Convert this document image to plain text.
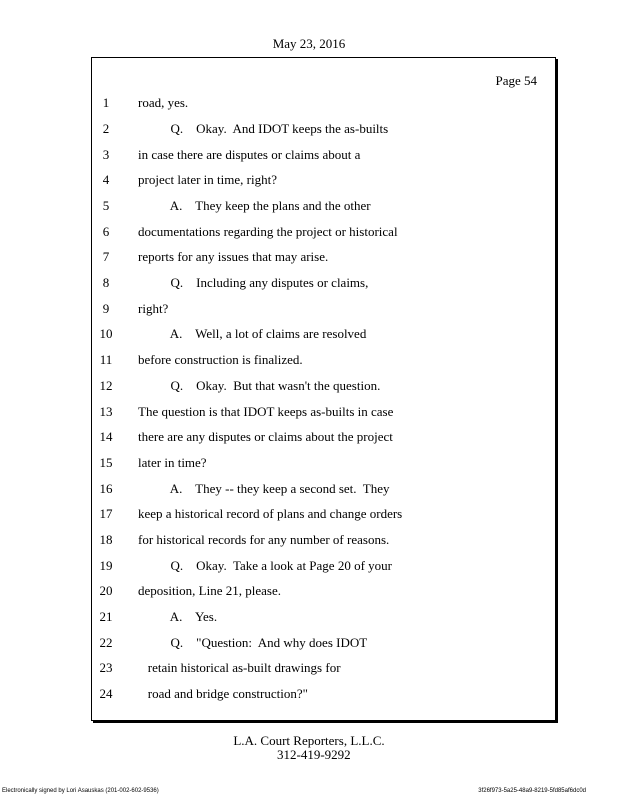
May 23, 2016
Page 54
1	road, yes.
2	Q.    Okay.  And IDOT keeps the as-builts
3	in case there are disputes or claims about a
4	project later in time, right?
5	A.    They keep the plans and the other
6	documentations regarding the project or historical
7	reports for any issues that may arise.
8	Q.    Including any disputes or claims,
9	right?
10	A.    Well, a lot of claims are resolved
11	before construction is finalized.
12	Q.    Okay.  But that wasn't the question.
13	The question is that IDOT keeps as-builts in case
14	there are any disputes or claims about the project
15	later in time?
16	A.    They -- they keep a second set.  They
17	keep a historical record of plans and change orders
18	for historical records for any number of reasons.
19	Q.    Okay.  Take a look at Page 20 of your
20	deposition, Line 21, please.
21	A.    Yes.
22	Q.    "Question:  And why does IDOT
23	retain historical as-built drawings for
24	road and bridge construction?"
L.A. Court Reporters, L.L.C.
312-419-9292
Electronically signed by Lori Asauskas (201-002-602-9536)	3f26f973-5a25-48a9-8219-5fd85af6dc0d
